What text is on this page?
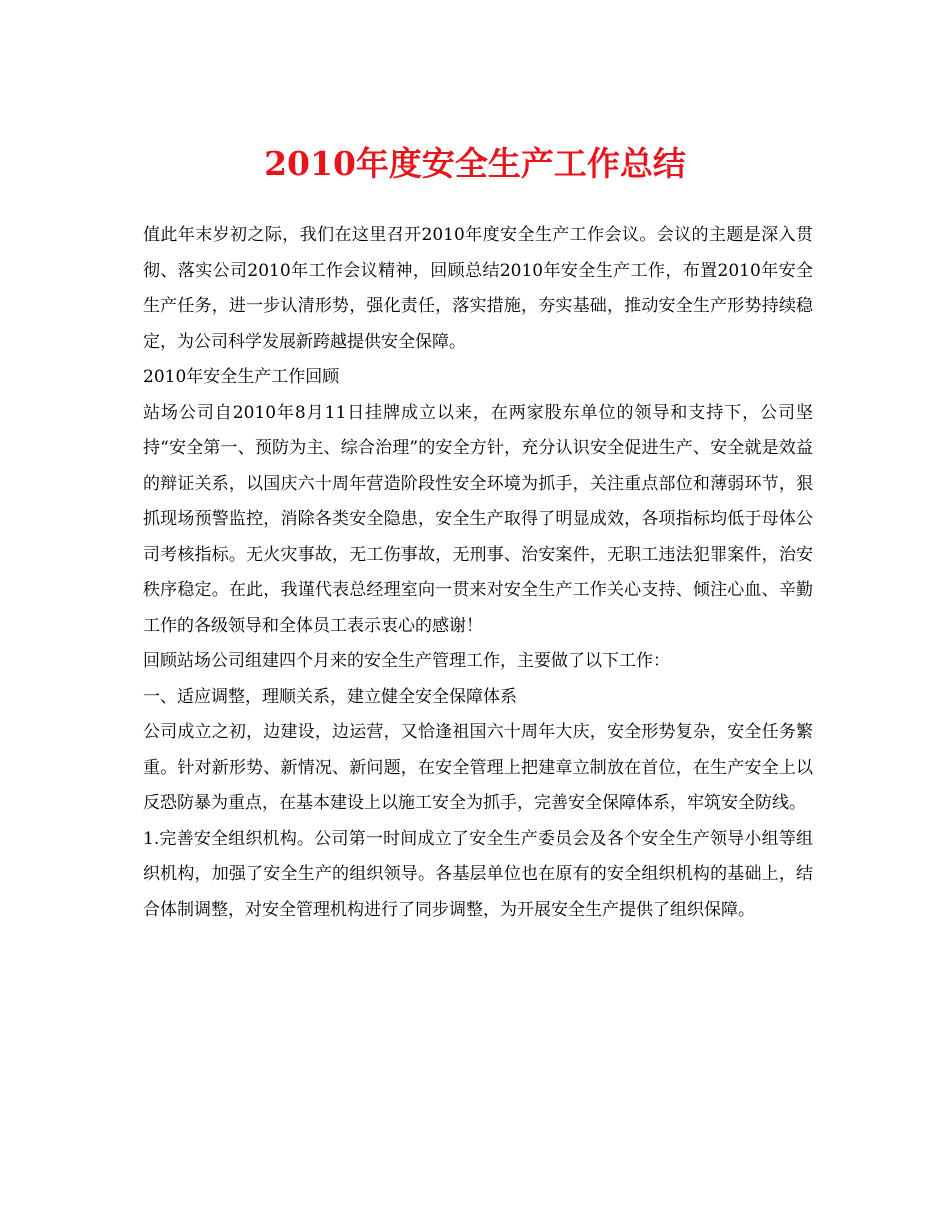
2010年度安全生产工作总结

值此年末岁初之际，我们在这里召开2010年度安全生产工作会议。会议的主题是深入贯彻、落实公司2010年工作会议精神，回顾总结2010年安全生产工作，布置2010年安全生产任务，进一步认清形势，强化责任，落实措施，夯实基础，推动安全生产形势持续稳定，为公司科学发展新跨越提供安全保障。

2010年安全生产工作回顾

站场公司自2010年8月11日挂牌成立以来，在两家股东单位的领导和支持下，公司坚持“安全第一、预防为主、综合治理”的安全方针，充分认识安全促进生产、安全就是效益的辩证关系，以国庆六十周年营造阶段性安全环境为抓手，关注重点部位和薄弱环节，狠抓现场预警监控，消除各类安全隐患，安全生产取得了明显成效，各项指标均低于母体公司考核指标。无火灾事故，无工伤事故，无刑事、治安案件，无职工违法犯罪案件，治安秩序稳定。在此，我谨代表总经理室向一贯来对安全生产工作关心支持、倾注心血、辛勤工作的各级领导和全体员工表示衷心的感谢！

回顾站场公司组建四个月来的安全生产管理工作，主要做了以下工作：

一、适应调整，理顺关系，建立健全安全保障体系

公司成立之初，边建设，边运营，又恰逢祖国六十周年大庆，安全形势复杂，安全任务繁重。针对新形势、新情况、新问题，在安全管理上把建章立制放在首位，在生产安全上以反恐防暴为重点，在基本建设上以施工安全为抓手，完善安全保障体系，牢筑安全防线。

1.完善安全组织机构。公司第一时间成立了安全生产委员会及各个安全生产领导小组等组织机构，加强了安全生产的组织领导。各基层单位也在原有的安全组织机构的基础上，结合体制调整，对安全管理机构进行了同步调整，为开展安全生产提供了组织保障。
